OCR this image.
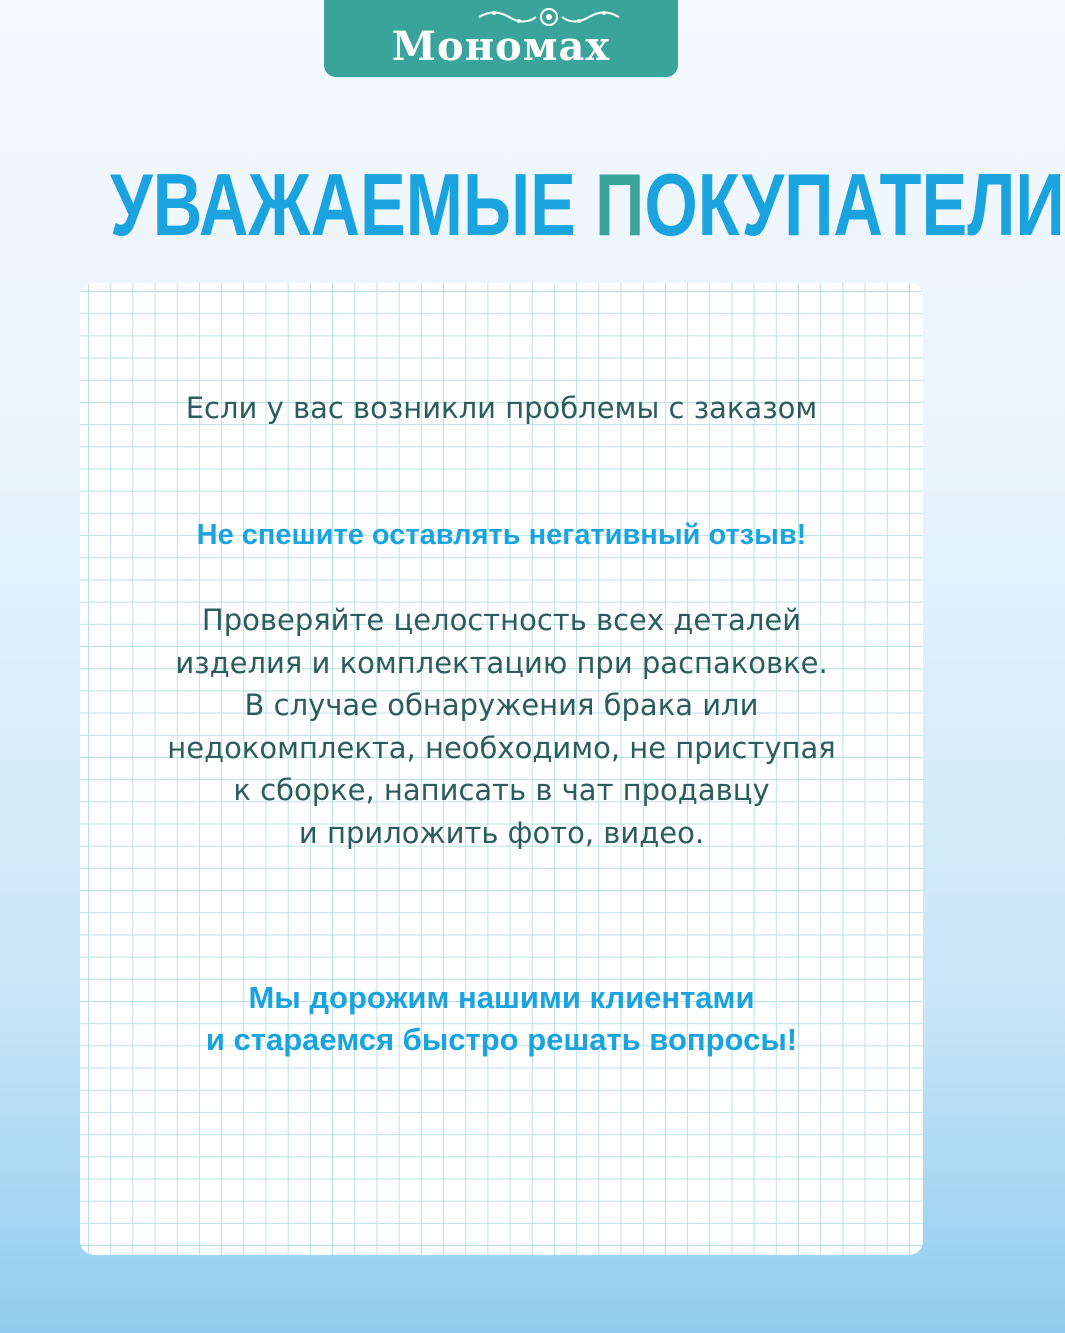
Мономах
УВАЖАЕМЫЕ ПОКУПАТЕЛИ

Если у вас возникли проблемы с заказом

Не спешите оставлять негативный отзыв!

Проверяйте целостность всех деталей
изделия и комплектацию при распаковке.
В случае обнаружения брака или
недокомплекта, необходимо, не приступая
к сборке, написать в чат продавцу
и приложить фото, видео.

Мы дорожим нашими клиентами
и стараемся быстро решать вопросы!
